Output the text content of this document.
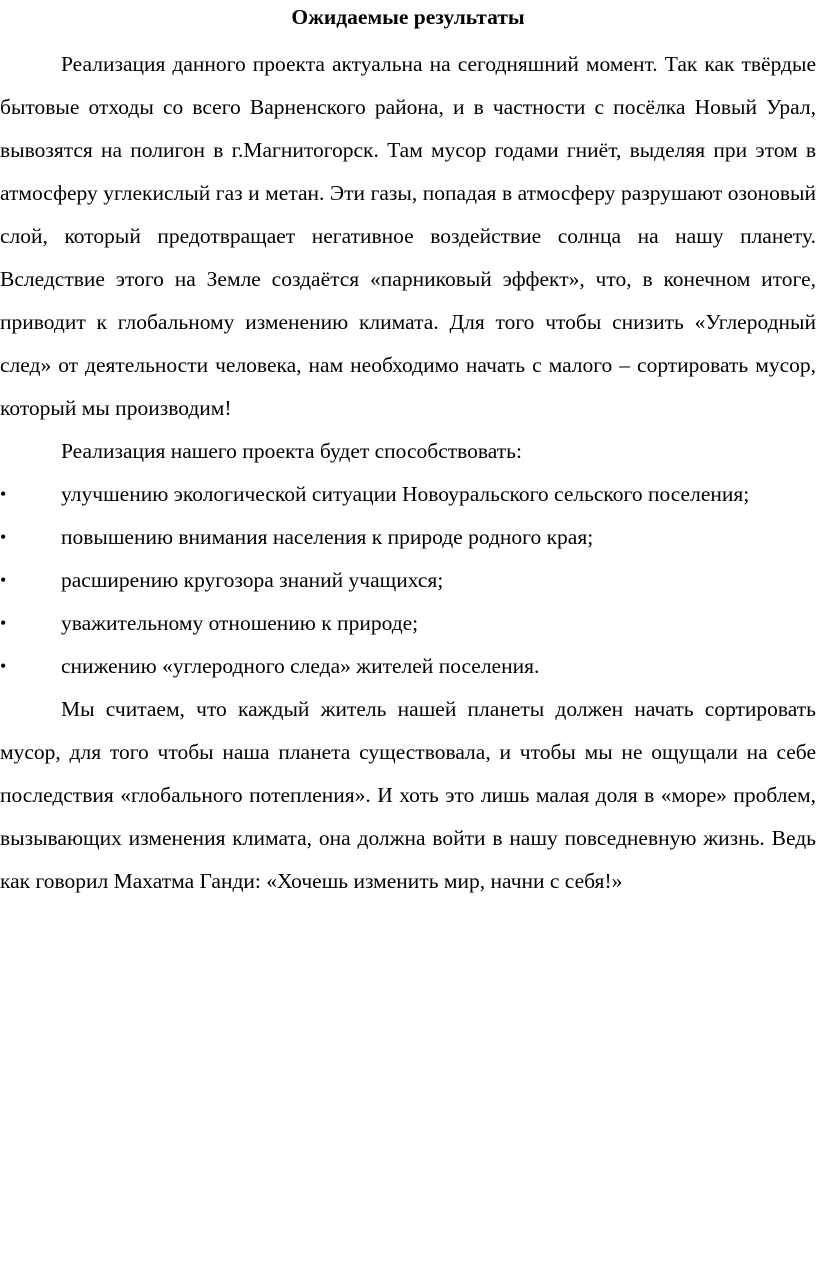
Ожидаемые результаты

Реализация данного проекта актуальна на сегодняшний момент. Так как твёрдые бытовые отходы со всего Варненского района, и в частности с посёлка Новый Урал, вывозятся на полигон в г.Магнитогорск. Там мусор годами гниёт, выделяя при этом в атмосферу углекислый газ и метан. Эти газы, попадая в атмосферу разрушают озоновый слой, который предотвращает негативное воздействие солнца на нашу планету. Вследствие этого на Земле создаётся «парниковый эффект», что, в конечном итоге, приводит к глобальному изменению климата. Для того чтобы снизить «Углеродный след» от деятельности человека, нам необходимо начать с малого – сортировать мусор, который мы производим!

Реализация нашего проекта будет способствовать:

•	улучшению экологической ситуации Новоуральского сельского поселения;
•	повышению внимания населения к природе родного края;
•	расширению кругозора знаний учащихся;
•	уважительному отношению к природе;
•	снижению «углеродного следа» жителей поселения.

Мы считаем, что каждый житель нашей планеты должен начать сортировать мусор, для того чтобы наша планета существовала, и чтобы мы не ощущали на себе последствия «глобального потепления». И хоть это лишь малая доля в «море» проблем, вызывающих изменения климата, она должна войти в нашу повседневную жизнь. Ведь как говорил Махатма Ганди: «Хочешь изменить мир, начни с себя!»
